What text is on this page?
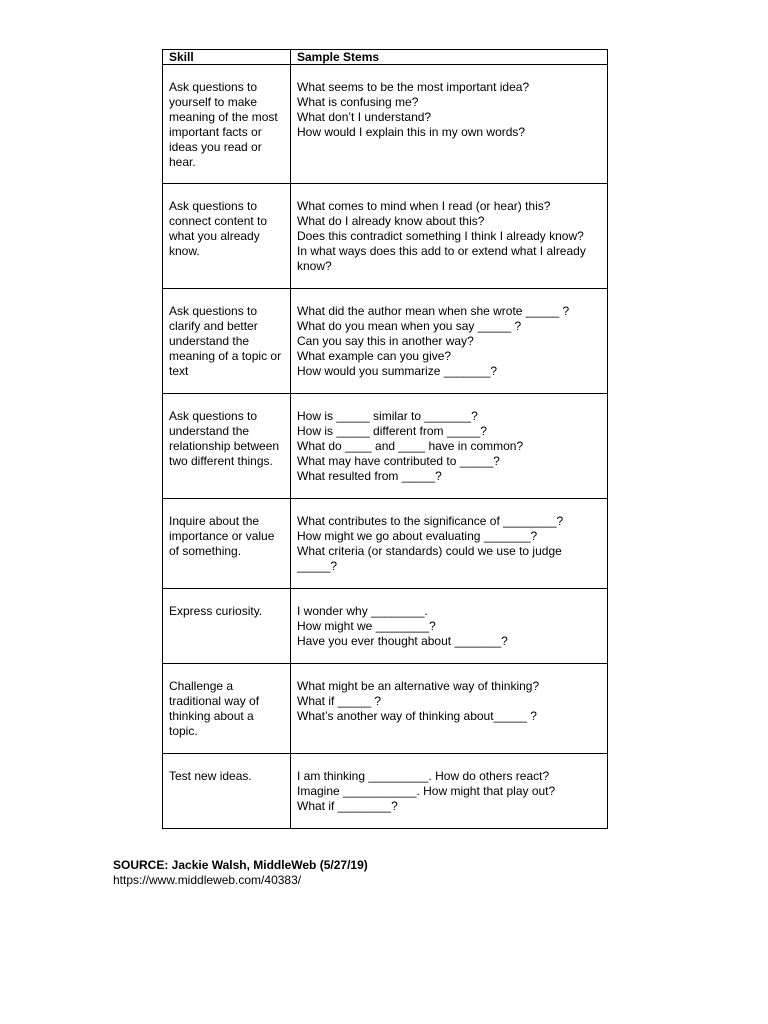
Skill	Sample Stems

Ask questions to yourself to make meaning of the most important facts or ideas you read or hear.	What seems to be the most important idea?
What is confusing me?
What don’t I understand?
How would I explain this in my own words?

Ask questions to connect content to what you already know.	What comes to mind when I read (or hear) this?
What do I already know about this?
Does this contradict something I think I already know?
In what ways does this add to or extend what I already
know?

Ask questions to clarify and better understand the meaning of a topic or text	What did the author mean when she wrote _____ ?
What do you mean when you say _____ ?
Can you say this in another way?
What example can you give?
How would you summarize _______?

Ask questions to understand the relationship between two different things.	How is _____ similar to _______?
How is _____ different from _____?
What do ____ and ____ have in common?
What may have contributed to _____?
What resulted from _____?

Inquire about the importance or value of something.	What contributes to the significance of ________?
How might we go about evaluating _______?
What criteria (or standards) could we use to judge
_____?

Express curiosity.	I wonder why ________.
How might we ________?
Have you ever thought about _______?

Challenge a traditional way of thinking about a topic.	What might be an alternative way of thinking?
What if _____ ?
What’s another way of thinking about_____ ?

Test new ideas.	I am thinking _________. How do others react?
Imagine ___________. How might that play out?
What if ________?
SOURCE: Jackie Walsh, MiddleWeb (5/27/19)
https://www.middleweb.com/40383/
